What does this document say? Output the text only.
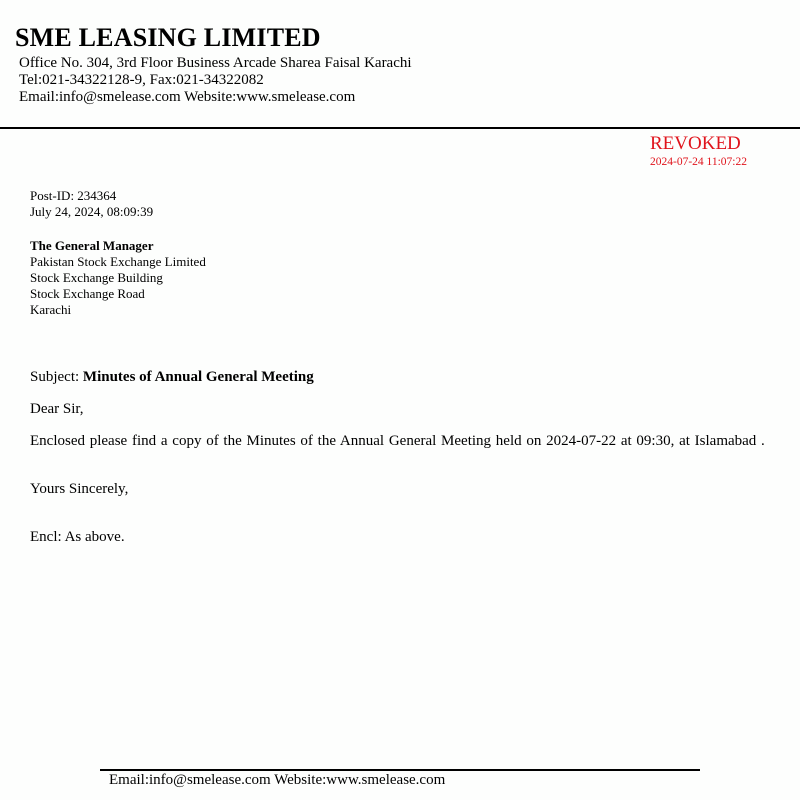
SME LEASING LIMITED
Office No. 304, 3rd Floor Business Arcade Sharea Faisal Karachi
Tel:021-34322128-9, Fax:021-34322082
Email:info@smelease.com Website:www.smelease.com
REVOKED
2024-07-24 11:07:22
Post-ID: 234364
July 24, 2024, 08:09:39
The General Manager
Pakistan Stock Exchange Limited
Stock Exchange Building
Stock Exchange Road
Karachi
Subject: Minutes of Annual General Meeting
Dear Sir,
Enclosed please find a copy of the Minutes of the Annual General Meeting held on 2024-07-22 at 09:30, at Islamabad .
Yours Sincerely,
Encl: As above.
Email:info@smelease.com Website:www.smelease.com
